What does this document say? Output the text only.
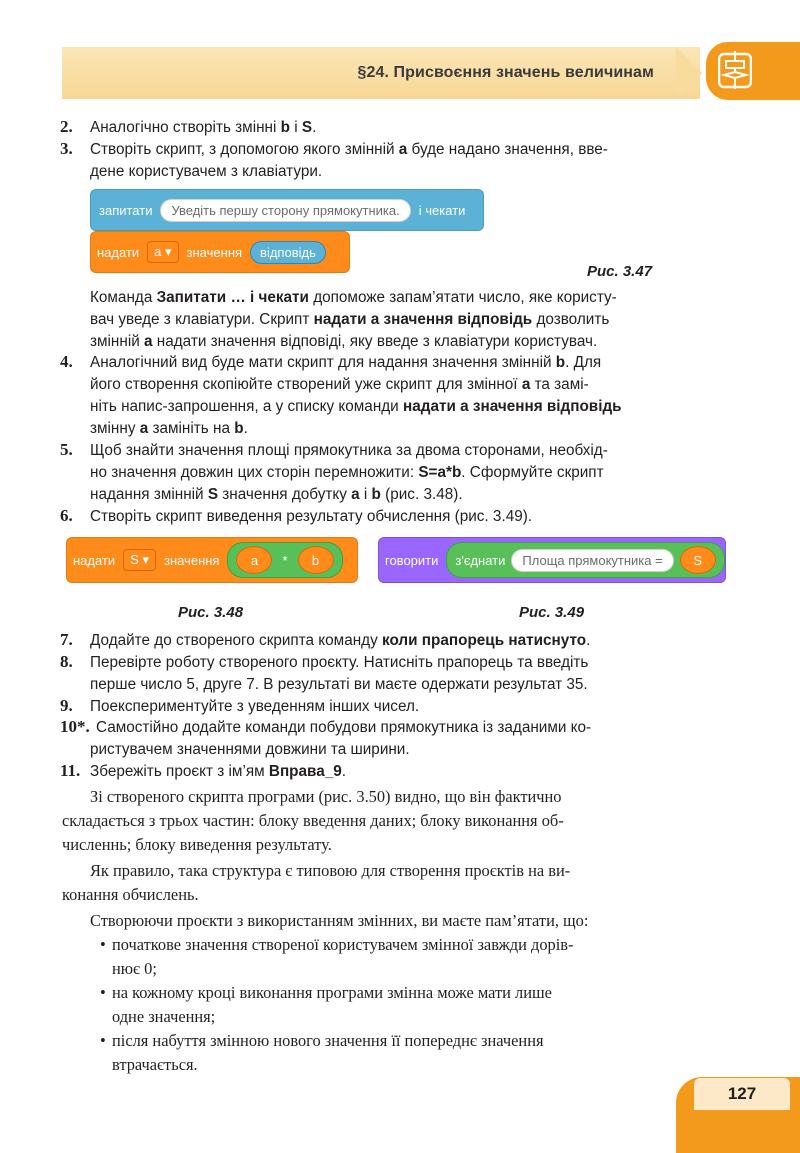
§24. Присвоєння значень величинам
2. Аналогічно створіть змінні b і S.
3. Створіть скрипт, з допомогою якого змінній а буде надано значення, вве-
дене користувачем з клавіатури.
запитати	Уведіть першу сторону прямокутника.	і чекати
надати	а ▾	значення	відповідь
Рис. 3.47
Команда Запитати … і чекати допоможе запам’ятати число, яке користу-
вач уведе з клавіатури. Скрипт надати а значення відповідь дозволить
змінній а надати значення відповіді, яку введе з клавіатури користувач.
4. Аналогічний вид буде мати скрипт для надання значення змінній b. Для
його створення скопіюйте створений уже скрипт для змінної а та замі-
ніть напис-запрошення, а у списку команди надати а значення відповідь
змінну а замініть на b.
5. Щоб знайти значення площі прямокутника за двома сторонами, необхід-
но значення довжин цих сторін перемножити: S=a*b. Сформуйте скрипт
надання змінній S значення добутку а і b (рис. 3.48).
6. Створіть скрипт виведення результату обчислення (рис. 3.49).
надати	S ▾	значення	a	*	b
Рис. 3.48
говорити з'єднати	Площа прямокутника =	S
Рис. 3.49
7. Додайте до створеного скрипта команду коли прапорець натиснуто.
8. Перевірте роботу створеного проєкту. Натисніть прапорець та введіть
перше число 5, друге 7. В результаті ви маєте одержати результат 35.
9. Поекспериментуйте з уведенням інших чисел.
10*. Самостійно додайте команди побудови прямокутника із заданими ко-
ристувачем значеннями довжини та ширини.
11. Збережіть проєкт з ім’ям Вправа_9.
Зі створеного скрипта програми (рис. 3.50) видно, що він фактично
складається з трьох частин: блоку введення даних; блоку виконання об-
численнь; блоку виведення результату.
Як правило, така структура є типовою для створення проєктів на ви-
конання обчислень.
Створюючи проєкти з використанням змінних, ви маєте пам’ятати, що:
• початкове значення створеної користувачем змінної завжди дорів-
нює 0;
• на кожному кроці виконання програми змінна може мати лише
одне значення;
• після набуття змінною нового значення її попереднє значення
втрачається.
127
